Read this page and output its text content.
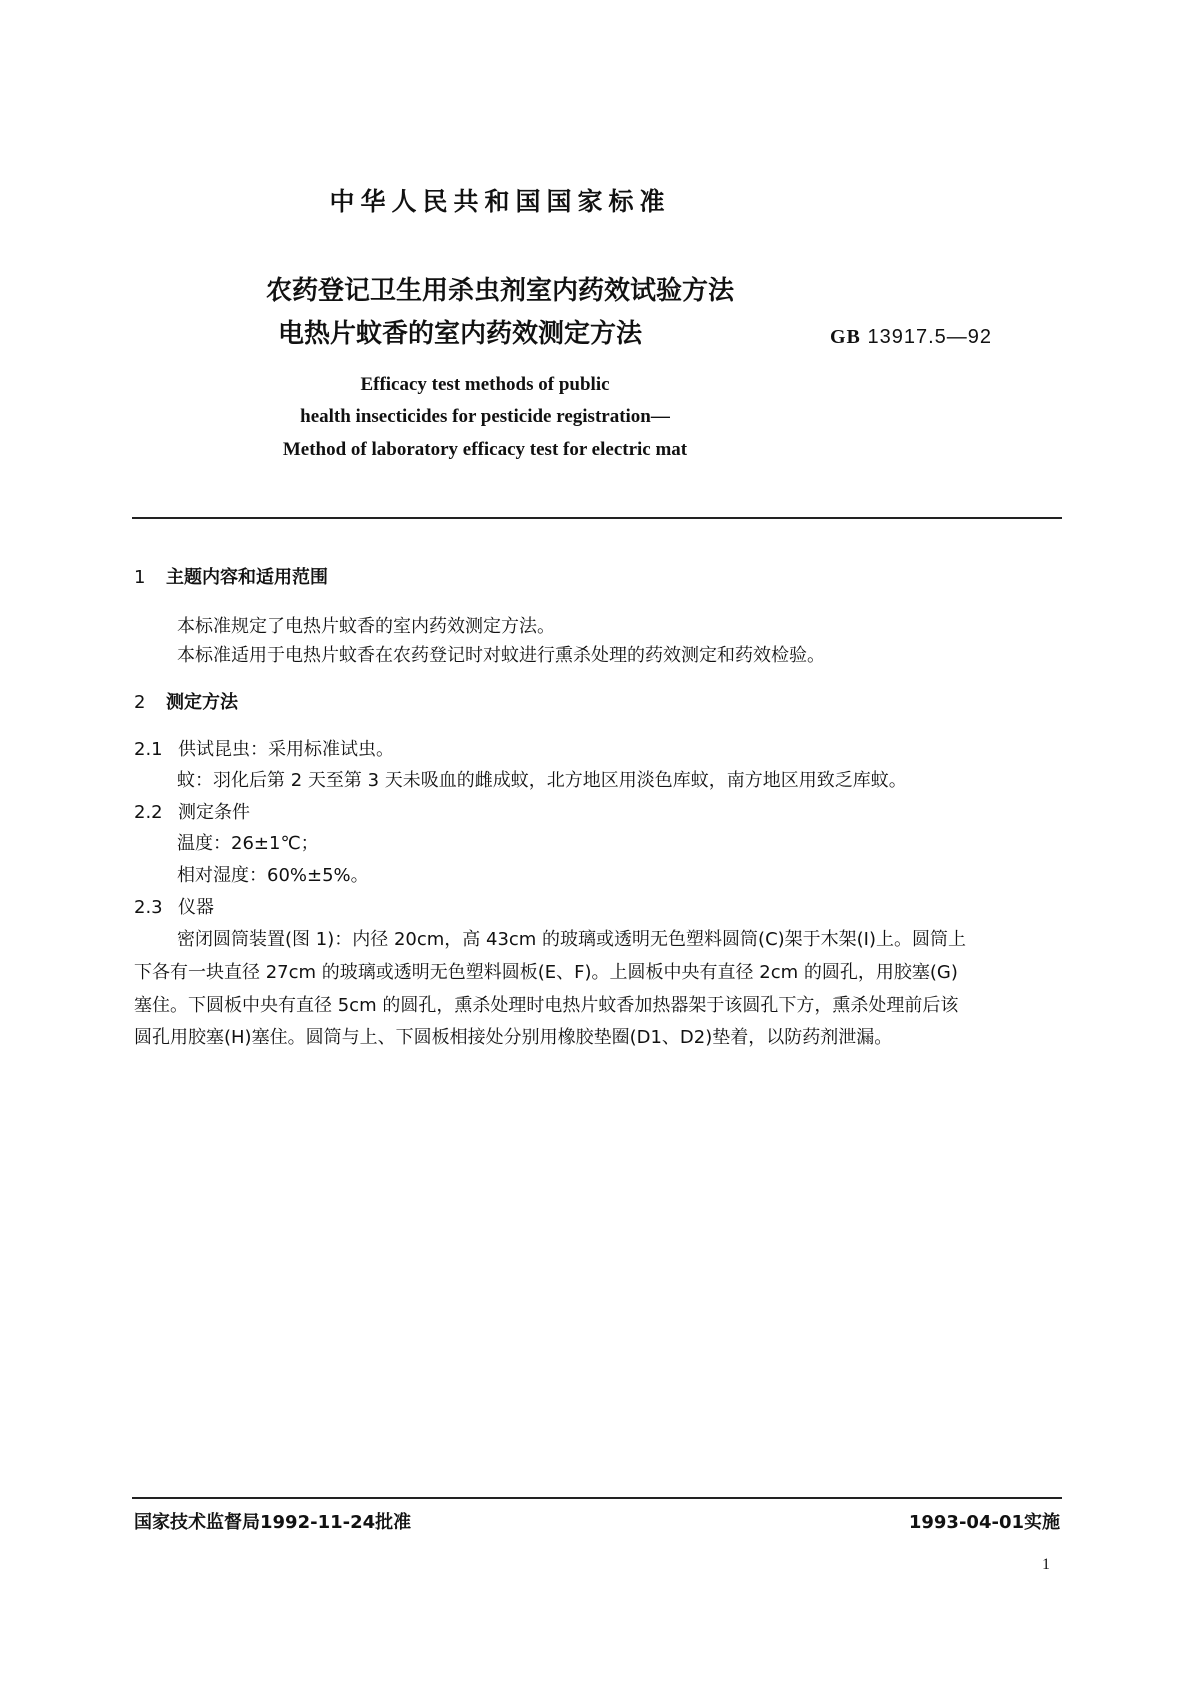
中华人民共和国国家标准
农药登记卫生用杀虫剂室内药效试验方法
电热片蚊香的室内药效测定方法	GB 13917.5—92
Efficacy test methods of public
health insecticides for pesticide registration—
Method of laboratory efficacy test for electric mat
1 主题内容和适用范围
本标准规定了电热片蚊香的室内药效测定方法。
本标准适用于电热片蚊香在农药登记时对蚊进行熏杀处理的药效测定和药效检验。
2 测定方法
2.1 供试昆虫：采用标准试虫。
蚊：羽化后第 2 天至第 3 天未吸血的雌成蚊，北方地区用淡色库蚊，南方地区用致乏库蚊。
2.2 测定条件
温度：26±1℃；
相对湿度：60%±5%。
2.3 仪器
密闭圆筒装置(图 1)：内径 20cm，高 43cm 的玻璃或透明无色塑料圆筒(C)架于木架(I)上。圆筒上
下各有一块直径 27cm 的玻璃或透明无色塑料圆板(E、F)。上圆板中央有直径 2cm 的圆孔，用胶塞(G)
塞住。下圆板中央有直径 5cm 的圆孔，熏杀处理时电热片蚊香加热器架于该圆孔下方，熏杀处理前后该
圆孔用胶塞(H)塞住。圆筒与上、下圆板相接处分别用橡胶垫圈(D1、D2)垫着，以防药剂泄漏。
国家技术监督局1992-11-24批准	1993-04-01实施
1
